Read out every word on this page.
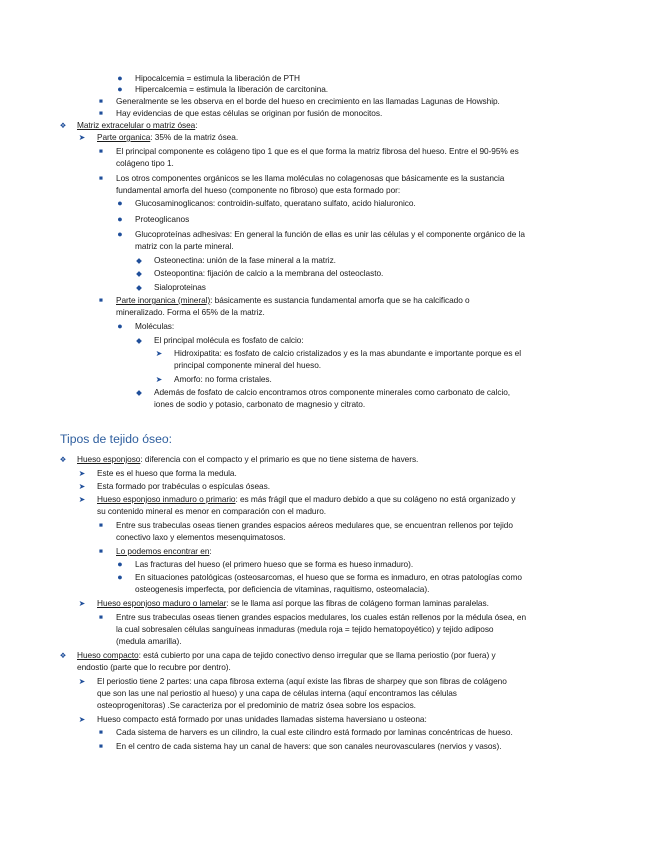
Tipos de tejido óseo:
●	Hipocalcemia = estimula la liberación de PTH
●	Hipercalcemia = estimula la liberación de carcitonina.
■	Generalmente se les observa en el borde del hueso en crecimiento en las llamadas Lagunas de Howship.
■	Hay evidencias de que estas células se originan por fusión de monocitos.
❖	Matriz extracelular o matriz ósea:
➤	Parte organica: 35% de la matriz ósea.
■	El principal componente es colágeno tipo 1 que es el que forma la matriz fibrosa del hueso. Entre el 90-95% es
colágeno tipo 1.
■	Los otros componentes orgánicos se les llama moléculas no colagenosas que básicamente es la sustancia
fundamental amorfa del hueso (componente no fibroso) que esta formado por:
●	Glucosaminoglicanos: controidin-sulfato, queratano sulfato, acido hialuronico.
●	Proteoglicanos
●	Glucoproteínas adhesivas: En general la función de ellas es unir las células y el componente orgánico de la
matriz con la parte mineral.
◆	Osteonectina: unión de la fase mineral a la matriz.
◆	Osteopontina: fijación de calcio a la membrana del osteoclasto.
◆	Sialoproteinas
■	Parte inorganica (mineral): básicamente es sustancia fundamental amorfa que se ha calcificado o
mineralizado. Forma el 65% de la matriz.
●	Moléculas:
◆	El principal molécula es fosfato de calcio:
➤	Hidroxipatita: es fosfato de calcio cristalizados y es la mas abundante e importante porque es el
principal componente mineral del hueso.
➤	Amorfo: no forma cristales.
◆	Además de fosfato de calcio encontramos otros componente minerales como carbonato de calcio,
iones de sodio y potasio, carbonato de magnesio y citrato.
❖	Hueso esponjoso: diferencia con el compacto y el primario es que no tiene sistema de havers.
➤	Este es el hueso que forma la medula.
➤	Esta formado por trabéculas o espículas óseas.
➤	Hueso esponjoso inmaduro o primario: es más frágil que el maduro debido a que su colágeno no está organizado y
su contenido mineral es menor en comparación con el maduro.
■	Entre sus trabeculas oseas tienen grandes espacios aéreos medulares que, se encuentran rellenos por tejido
conectivo laxo y elementos mesenquimatosos.
■	Lo podemos encontrar en:
●	Las fracturas del hueso (el primero hueso que se forma es hueso inmaduro).
●	En situaciones patológicas (osteosarcomas, el hueso que se forma es inmaduro, en otras patologías como
osteogenesis imperfecta, por deficiencia de vitaminas, raquitismo, osteomalacia).
➤	Hueso esponjoso maduro o lamelar: se le llama así porque las fibras de colágeno forman laminas paralelas.
■	Entre sus trabeculas oseas tienen grandes espacios medulares, los cuales están rellenos por la médula ósea, en
la cual sobresalen células sanguíneas inmaduras (medula roja = tejido hematopoyético) y tejido adiposo
(medula amarilla).
❖	Hueso compacto: está cubierto por una capa de tejido conectivo denso irregular que se llama periostio (por fuera) y
endostio (parte que lo recubre por dentro).
➤	El periostio tiene 2 partes: una capa fibrosa externa (aquí existe las fibras de sharpey que son fibras de colágeno
que son las une nal periostio al hueso) y una capa de células interna (aquí encontramos las células
osteoprogenitoras) .Se caracteriza por el predominio de matriz ósea sobre los espacios.
➤	Hueso compacto está formado por unas unidades llamadas sistema haversiano u osteona:
■	Cada sistema de harvers es un cilindro, la cual este cilindro está formado por laminas concéntricas de hueso.
■	En el centro de cada sistema hay un canal de havers: que son canales neurovasculares (nervios y vasos).
